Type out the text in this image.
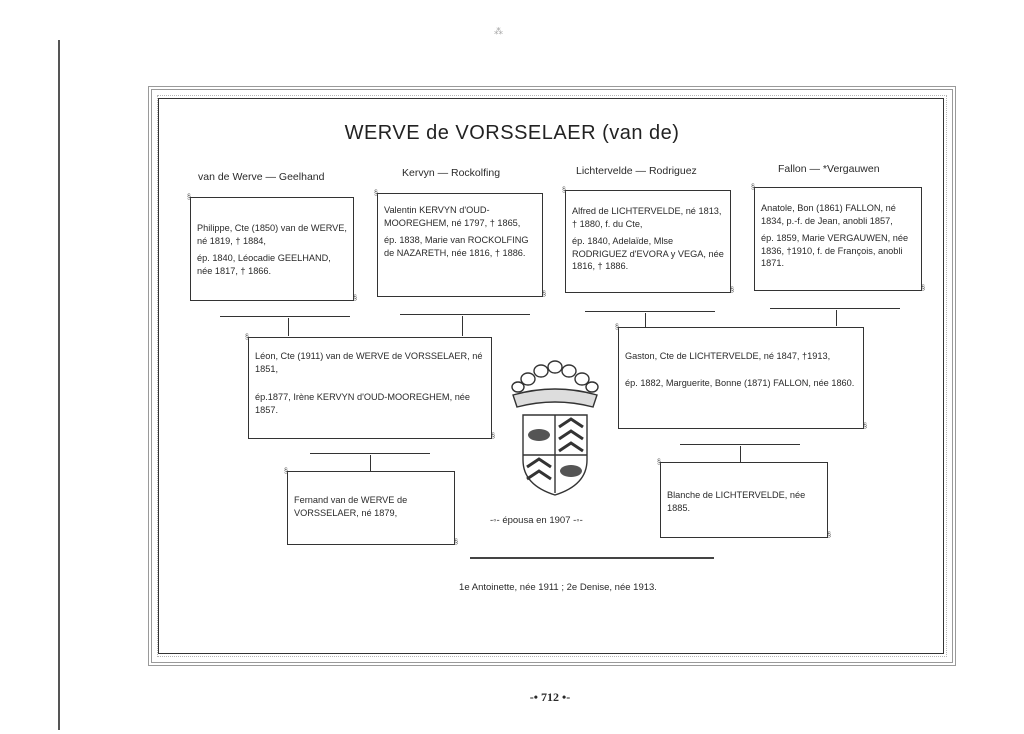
⁂
WERVE de VORSSELAER (van de)
van de Werve — Geelhand	Kervyn — Rockolfing	Lichtervelde — Rodriguez	Fallon — *Vergauwen

§ Philippe, Cte (1850) van de WERVE, né 1819, † 1884,

ép. 1840, Léocadie GEELHAND, née 1817, † 1866.

§

§ Valentin KERVYN d'OUD-MOOREGHEM, né 1797, † 1865,

ép. 1838, Marie van ROCKOLFING de NAZARETH, née 1816, † 1886.

§

§ Alfred de LICHTERVELDE, né 1813, † 1880, f. du Cte,

ép. 1840, Adelaïde, Mlse RODRIGUEZ d'EVORA y VEGA, née 1816, † 1886.

§

§ Anatole, Bon (1861) FALLON, né 1834, p.-f. de Jean, anobli 1857,

ép. 1859, Marie VERGAUWEN, née 1836, †1910, f. de François, anobli 1871.

§

§ Léon, Cte (1911) van de WERVE de VORSSELAER, né 1851,

ép.1877, Irène KERVYN d'OUD-MOOREGHEM, née 1857.

§

§ Gaston, Cte de LICHTERVELDE, né 1847, †1913,

ép. 1882, Marguerite, Bonne (1871) FALLON, née 1860.

§

§ Fernand van de WERVE de VORSSELAER, né 1879,

§

§ Blanche de LICHTERVELDE, née 1885.

§
-◦- épousa en 1907 -◦-
1e Antoinette, née 1911 ; 2e Denise, née 1913.
-• 712 •-
